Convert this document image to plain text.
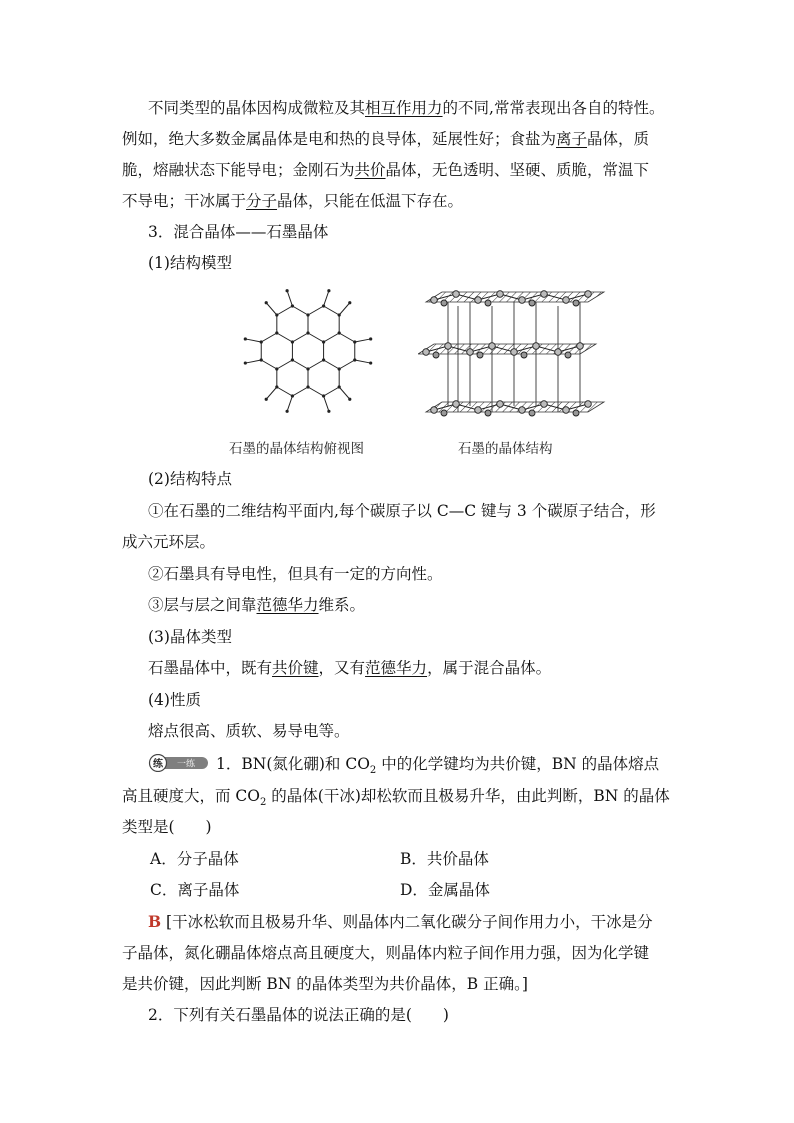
不同类型的晶体因构成微粒及其相互作用力的不同,常常表现出各自的特性。
例如，绝大多数金属晶体是电和热的良导体，延展性好；食盐为离子晶体，质
脆，熔融状态下能导电；金刚石为共价晶体，无色透明、坚硬、质脆，常温下
不导电；干冰属于分子晶体，只能在低温下存在。
3．混合晶体——石墨晶体
(1)结构模型
石墨的晶体结构俯视图	石墨的晶体结构
(2)结构特点
①在石墨的二维结构平面内,每个碳原子以 C—C 键与 3 个碳原子结合，形
成六元环层。
②石墨具有导电性，但具有一定的方向性。
③层与层之间靠范德华力维系。
(3)晶体类型
石墨晶体中，既有共价键，又有范德华力，属于混合晶体。
(4)性质
熔点很高、质软、易导电等。
练 一练 1．BN(氮化硼)和 $CO_2$ 中的化学键均为共价键，BN 的晶体熔点
高且硬度大，而 $CO_2$ 的晶体(干冰)却松软而且极易升华，由此判断，BN 的晶体
类型是(　　)
A．分子晶体	B．共价晶体
C．离子晶体	D．金属晶体
B [干冰松软而且极易升华、则晶体内二氧化碳分子间作用力小，干冰是分
子晶体，氮化硼晶体熔点高且硬度大，则晶体内粒子间作用力强，因为化学键
是共价键，因此判断 BN 的晶体类型为共价晶体，B 正确。]
2．下列有关石墨晶体的说法正确的是(　　)
